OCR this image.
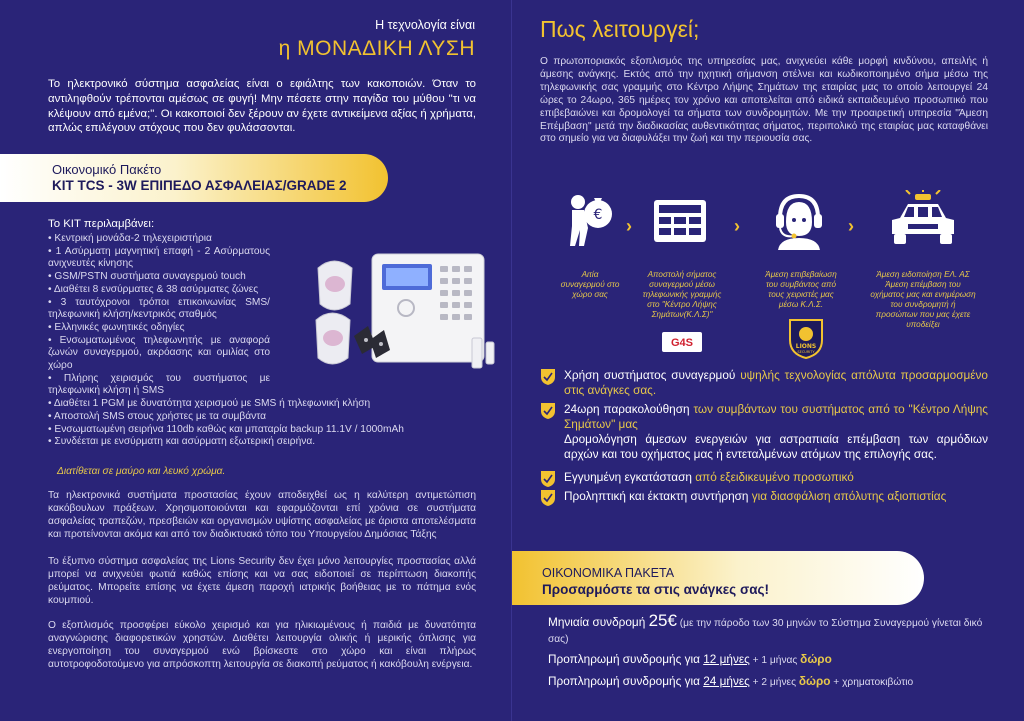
Η τεχνολογία είναι
η ΜΟΝΑΔΙΚΗ ΛΥΣΗ

Το ηλεκτρονικό σύστημα ασφαλείας είναι ο εφιάλτης των κακοποιών. Όταν το αντιληφθούν τρέπονται αμέσως σε φυγή! Μην πέσετε στην παγίδα του μύθου "τι να κλέψουν από εμένα;". Οι κακοποιοί δεν ξέρουν αν έχετε αντικείμενα αξίας ή χρήματα, απλώς επιλέγουν στόχους που δεν φυλάσσονται.

Οικονομικό Πακέτο
KIT TCS - 3W ΕΠΙΠΕΔΟ ΑΣΦΑΛΕΙΑΣ/GRADE 2
Το KIT περιλαμβάνει:
• Κεντρική μονάδα-2 τηλεχειριστήρια
• 1 Ασύρματη μαγνητική επαφή - 2 Ασύρματους ανιχνευτές κίνησης
• GSM/PSTN συστήματα συναγερμού touch
• Διαθέτει 8 ενσύρματες & 38 ασύρματες ζώνες
• 3 ταυτόχρονοι τρόποι επικοινωνίας SMS/τηλεφωνική κλήση/κεντρικός σταθμός
• Ελληνικές φωνητικές οδηγίες
• Ενσωματωμένος τηλεφωνητής με αναφορά ζωνών συναγερμού, ακρόασης και ομιλίας στο χώρο
• Πλήρης χειρισμός του συστήματος με τηλεφωνική κλήση ή SMS
• Διαθέτει 1 PGM με δυνατότητα χειρισμού με SMS ή τηλεφωνική κλήση
• Αποστολή SMS στους χρήστες με τα συμβάντα
• Ενσωματωμένη σειρήνα 110db καθώς και μπαταρία backup 11.1V / 1000mAh
• Συνδέεται με ενσύρματη και ασύρματη εξωτερική σειρήνα.
Διατίθεται σε μαύρο και λευκό χρώμα.

Τα ηλεκτρονικά συστήματα προστασίας έχουν αποδειχθεί ως η καλύτερη αντιμετώπιση κακόβουλων πράξεων. Χρησιμοποιούνται και εφαρμόζονται επί χρόνια σε συστήματα ασφαλείας τραπεζών, πρεσβειών και οργανισμών υψίστης ασφαλείας με άριστα αποτελέσματα και προτείνονται ακόμα και από τον διαδικτυακό τόπο του Υπουργείου Δημόσιας Τάξης

Το έξυπνο σύστημα ασφαλείας της Lions Security δεν έχει μόνο λειτουργίες προστασίας αλλά μπορεί να ανιχνεύει φωτιά καθώς επίσης και να σας ειδοποιεί σε περίπτωση διακοπής ρεύματος. Μπορείτε επίσης να έχετε άμεση παροχή ιατρικής βοήθειας με το πάτημα ενός κουμπιού.

Ο εξοπλισμός προσφέρει εύκολο χειρισμό και για ηλικιωμένους ή παιδιά με δυνατότητα αναγνώρισης διαφορετικών χρηστών. Διαθέτει λειτουργία ολικής ή μερικής όπλισης για ενεργοποίηση του συναγερμού ενώ βρίσκεστε στο χώρο και είναι πλήρως αυτοτροφοδοτούμενο για απρόσκοπτη λειτουργία σε διακοπή ρεύματος ή κακόβουλη ενέργεια.

Πως λειτουργεί;

Ο πρωτοποριακός εξοπλισμός της υπηρεσίας μας, ανιχνεύει κάθε μορφή κινδύνου, απειλής ή άμεσης ανάγκης. Εκτός από την ηχητική σήμανση στέλνει και κωδικοποιημένο σήμα μέσω της τηλεφωνικής σας γραμμής στο Κέντρο Λήψης Σημάτων της εταιρίας μας το οποίο λειτουργεί 24 ώρες το 24ωρο, 365 ημέρες τον χρόνο και αποτελείται από ειδικά εκπαιδευμένο προσωπικό που επιβεβαιώνει και δρομολογεί τα σήματα των συνδρομητών. Με την προαιρετική υπηρεσία "Άμεση Επέμβαση" μετά την διαδικασίας αυθεντικότητας σήματος, περιπολικό της εταιρίας μας καταφθάνει στο σημείο για να διαφυλάξει την ζωή και την περιουσία σας.

€
›	›	›
Αιτία συναγερμού στο χώρο σας
Αποστολή σήματος συναγερμού μέσω τηλεφωνικής γραμμής στο "Κέντρο Λήψης Σημάτων(Κ.Λ.Σ)"
Άμεση επιβεβαίωση του συμβάντος από τους χειριστές μας μέσω Κ.Λ.Σ.
Άμεση ειδοποίηση ΕΛ. ΑΣ Άμεση επέμβαση του οχήματος μας και ενημέρωση του συνδρομητή ή προσώπων που μας έχετε υποδείξει
G4S	LIONS
SECURITY
Χρήση συστήματος συναγερμού υψηλής τεχνολογίας απόλυτα προσαρμοσμένο στις ανάγκες σας.
24ωρη παρακολούθηση των συμβάντων του συστήματος από το "Κέντρο Λήψης Σημάτων" μας
Δρομολόγηση άμεσων ενεργειών για αστραπιαία επέμβαση των αρμόδιων αρχών και του οχήματος μας ή εντεταλμένων ατόμων της επιλογής σας.
Εγγυημένη εγκατάσταση από εξειδικευμένο προσωπικό
Προληπτική και έκτακτη συντήρηση για διασφάλιση απόλυτης αξιοπιστίας
ΟΙΚΟΝΟΜΙΚΑ ΠΑΚΕΤΑ
Προσαρμόστε τα στις ανάγκες σας!
Μηνιαία συνδρομή 25€ (με την πάροδο των 30 μηνών το Σύστημα Συναγερμού γίνεται δικό σας)
Προπληρωμή συνδρομής για 12 μήνες + 1 μήνας δώρο
Προπληρωμή συνδρομής για 24 μήνες + 2 μήνες δώρο + χρηματοκιβώτιο
